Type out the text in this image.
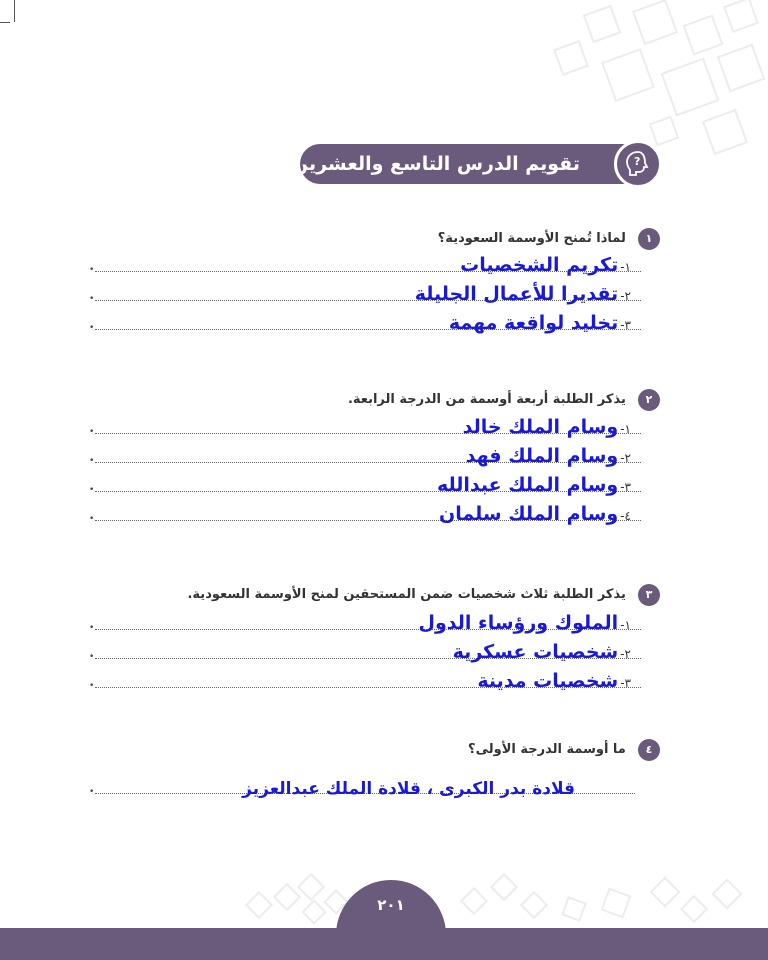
تقويم الدرس التاسع والعشرين	?
١ لماذا تُمنح الأوسمة السعودية؟
•	١-تكريم الشخصيات
•	٢-تقديرا للأعمال الجليلة
•	٣-تخليد لواقعة مهمة
٢ يذكر الطلبة أربعة أوسمة من الدرجة الرابعة.
•	١-وسام الملك خالد
•	٢-وسام الملك فهد
•	٣-وسام الملك عبدالله
•	٤-وسام الملك سلمان
٣ يذكر الطلبة ثلاث شخصيات ضمن المستحقين لمنح الأوسمة السعودية.
•	١-الملوك ورؤساء الدول
•	٢-شخصيات عسكرية
•	٣-شخصيات مدينة
٤ ما أوسمة الدرجة الأولى؟
•	قلادة بدر الكبرى ، قلادة الملك عبدالعزيز
٢٠١
